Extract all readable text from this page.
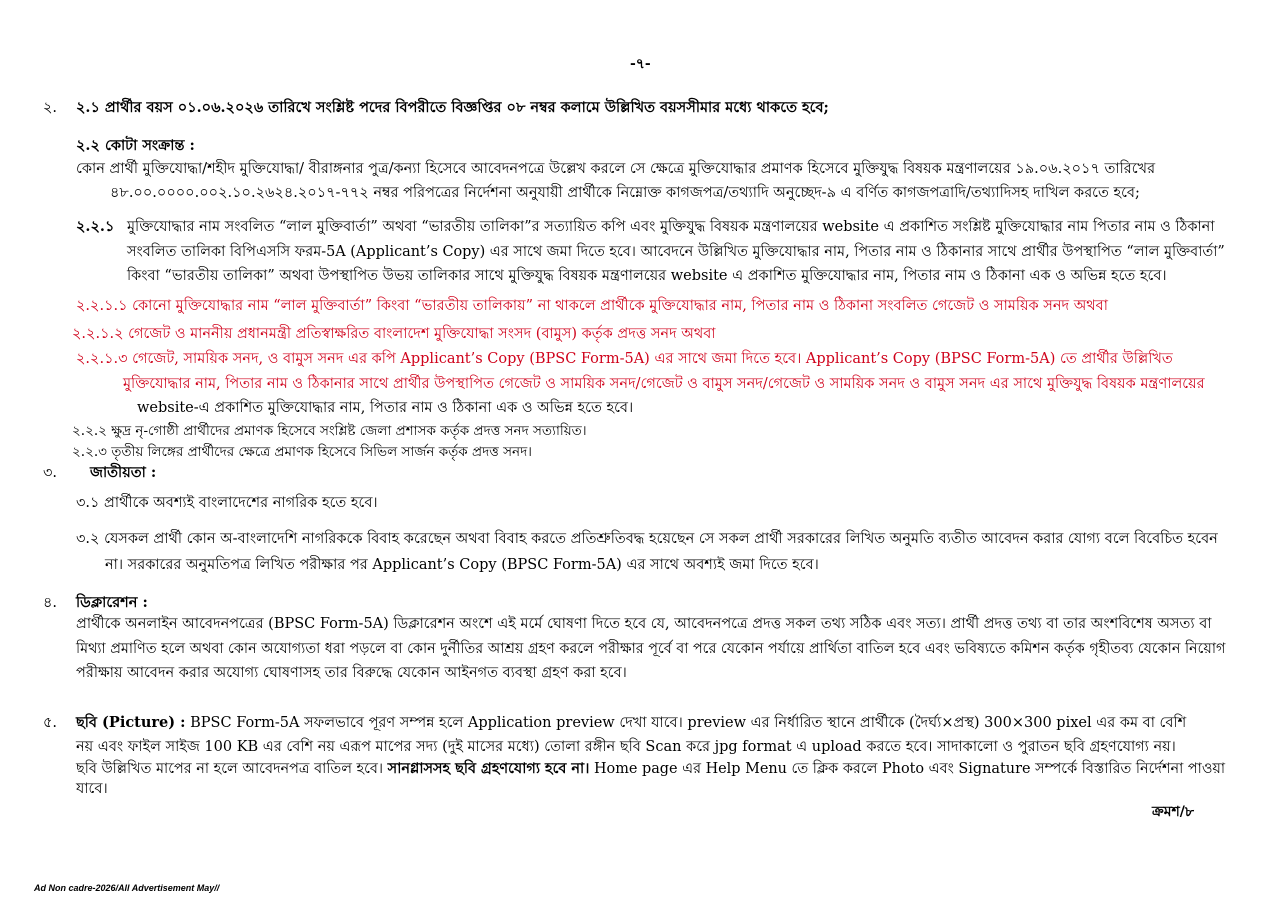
-৭-
২. ২.১ প্রার্থীর বয়স ০১.০৬.২০২৬ তারিখে সংশ্লিষ্ট পদের বিপরীতে বিজ্ঞপ্তির ০৮ নম্বর কলামে উল্লিখিত বয়সসীমার মধ্যে থাকতে হবে;
২.২ কোটা সংক্রান্ত :
কোন প্রার্থী মুক্তিযোদ্ধা/শহীদ মুক্তিযোদ্ধা/ বীরাঙ্গনার পুত্র/কন্যা হিসেবে আবেদনপত্রে উল্লেখ করলে সে ক্ষেত্রে মুক্তিযোদ্ধার প্রমাণক হিসেবে মুক্তিযুদ্ধ বিষয়ক মন্ত্রণালয়ের ১৯.০৬.২০১৭ তারিখের
৪৮.০০.০০০০.০০২.১০.২৬২৪.২০১৭-৭৭২ নম্বর পরিপত্রের নির্দেশনা অনুযায়ী প্রার্থীকে নিম্নোক্ত কাগজপত্র/তথ্যাদি অনুচ্ছেদ-৯ এ বর্ণিত কাগজপত্রাদি/তথ্যাদিসহ দাখিল করতে হবে;
২.২.১ মুক্তিযোদ্ধার নাম সংবলিত “লাল মুক্তিবার্তা” অথবা “ভারতীয় তালিকা”র সত্যায়িত কপি এবং মুক্তিযুদ্ধ বিষয়ক মন্ত্রণালয়ের website এ প্রকাশিত সংশ্লিষ্ট মুক্তিযোদ্ধার নাম পিতার নাম ও ঠিকানা
সংবলিত তালিকা বিপিএসসি ফরম-5A (Applicant’s Copy) এর সাথে জমা দিতে হবে। আবেদনে উল্লিখিত মুক্তিযোদ্ধার নাম, পিতার নাম ও ঠিকানার সাথে প্রার্থীর উপস্থাপিত “লাল মুক্তিবার্তা”
কিংবা “ভারতীয় তালিকা” অথবা উপস্থাপিত উভয় তালিকার সাথে মুক্তিযুদ্ধ বিষয়ক মন্ত্রণালয়ের website এ প্রকাশিত মুক্তিযোদ্ধার নাম, পিতার নাম ও ঠিকানা এক ও অভিন্ন হতে হবে।
২.২.১.১ কোনো মুক্তিযোদ্ধার নাম “লাল মুক্তিবার্তা” কিংবা “ভারতীয় তালিকায়” না থাকলে প্রার্থীকে মুক্তিযোদ্ধার নাম, পিতার নাম ও ঠিকানা সংবলিত গেজেট ও সাময়িক সনদ অথবা
২.২.১.২ গেজেট ও মাননীয় প্রধানমন্ত্রী প্রতিস্বাক্ষরিত বাংলাদেশ মুক্তিযোদ্ধা সংসদ (বামুস) কর্তৃক প্রদত্ত সনদ অথবা
২.২.১.৩ গেজেট, সাময়িক সনদ, ও বামুস সনদ এর কপি Applicant’s Copy (BPSC Form-5A) এর সাথে জমা দিতে হবে। Applicant’s Copy (BPSC Form-5A) তে প্রার্থীর উল্লিখিত
মুক্তিযোদ্ধার নাম, পিতার নাম ও ঠিকানার সাথে প্রার্থীর উপস্থাপিত গেজেট ও সাময়িক সনদ/গেজেট ও বামুস সনদ/গেজেট ও সাময়িক সনদ ও বামুস সনদ এর সাথে মুক্তিযুদ্ধ বিষয়ক মন্ত্রণালয়ের
website-এ প্রকাশিত মুক্তিযোদ্ধার নাম, পিতার নাম ও ঠিকানা এক ও অভিন্ন হতে হবে।
২.২.২ ক্ষুদ্র নৃ-গোষ্ঠী প্রার্থীদের প্রমাণক হিসেবে সংশ্লিষ্ট জেলা প্রশাসক কর্তৃক প্রদত্ত সনদ সত্যায়িত।
২.২.৩ তৃতীয় লিঙ্গের প্রার্থীদের ক্ষেত্রে প্রমাণক হিসেবে সিভিল সার্জন কর্তৃক প্রদত্ত সনদ।
৩. জাতীয়তা :
৩.১ প্রার্থীকে অবশ্যই বাংলাদেশের নাগরিক হতে হবে।
৩.২ যেসকল প্রার্থী কোন অ-বাংলাদেশি নাগরিককে বিবাহ করেছেন অথবা বিবাহ করতে প্রতিশ্রুতিবদ্ধ হয়েছেন সে সকল প্রার্থী সরকারের লিখিত অনুমতি ব্যতীত আবেদন করার যোগ্য বলে বিবেচিত হবেন
না। সরকারের অনুমতিপত্র লিখিত পরীক্ষার পর Applicant’s Copy (BPSC Form-5A) এর সাথে অবশ্যই জমা দিতে হবে।
৪. ডিক্লারেশন :
প্রার্থীকে অনলাইন আবেদনপত্রের (BPSC Form-5A) ডিক্লারেশন অংশে এই মর্মে ঘোষণা দিতে হবে যে, আবেদনপত্রে প্রদত্ত সকল তথ্য সঠিক এবং সত্য। প্রার্থী প্রদত্ত তথ্য বা তার অংশবিশেষ অসত্য বা
মিথ্যা প্রমাণিত হলে অথবা কোন অযোগ্যতা ধরা পড়লে বা কোন দুর্নীতির আশ্রয় গ্রহণ করলে পরীক্ষার পূর্বে বা পরে যেকোন পর্যায়ে প্রার্থিতা বাতিল হবে এবং ভবিষ্যতে কমিশন কর্তৃক গৃহীতব্য যেকোন নিয়োগ
পরীক্ষায় আবেদন করার অযোগ্য ঘোষণাসহ তার বিরুদ্ধে যেকোন আইনগত ব্যবস্থা গ্রহণ করা হবে।
৫. ছবি (Picture) : BPSC Form-5A সফলভাবে পূরণ সম্পন্ন হলে Application preview দেখা যাবে। preview এর নির্ধারিত স্থানে প্রার্থীকে (দৈর্ঘ্য×প্রস্থ) 300×300 pixel এর কম বা বেশি
নয় এবং ফাইল সাইজ 100 KB এর বেশি নয় এরূপ মাপের সদ্য (দুই মাসের মধ্যে) তোলা রঙ্গীন ছবি Scan করে jpg format এ upload করতে হবে। সাদাকালো ও পুরাতন ছবি গ্রহণযোগ্য নয়।
ছবি উল্লিখিত মাপের না হলে আবেদনপত্র বাতিল হবে। সানগ্লাসসহ ছবি গ্রহণযোগ্য হবে না। Home page এর Help Menu তে ক্লিক করলে Photo এবং Signature সম্পর্কে বিস্তারিত নির্দেশনা পাওয়া
যাবে।
ক্রমশ/৮
Ad Non cadre-2026/All Advertisement May//
